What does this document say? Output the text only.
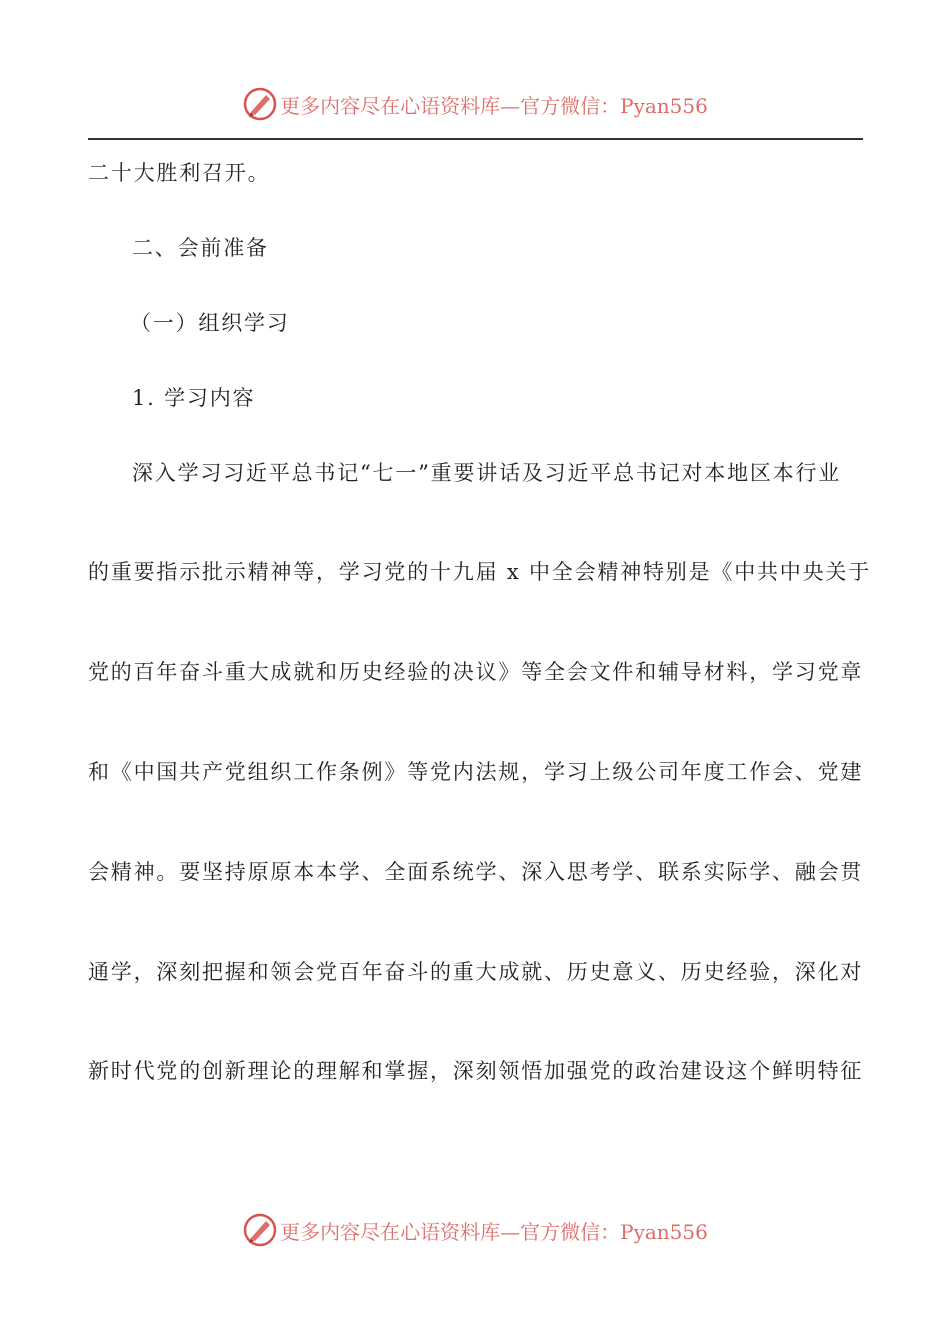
更多内容尽在心语资料库—官方微信：Pyan556
二十大胜利召开。
二、会前准备
（一）组织学习
1. 学习内容
深入学习习近平总书记“七一”重要讲话及习近平总书记对本地区本行业
的重要指示批示精神等，学习党的十九届 x 中全会精神特别是《中共中央关于
党的百年奋斗重大成就和历史经验的决议》等全会文件和辅导材料，学习党章
和《中国共产党组织工作条例》等党内法规，学习上级公司年度工作会、党建
会精神。要坚持原原本本学、全面系统学、深入思考学、联系实际学、融会贯
通学，深刻把握和领会党百年奋斗的重大成就、历史意义、历史经验，深化对
新时代党的创新理论的理解和掌握，深刻领悟加强党的政治建设这个鲜明特征
更多内容尽在心语资料库—官方微信：Pyan556
